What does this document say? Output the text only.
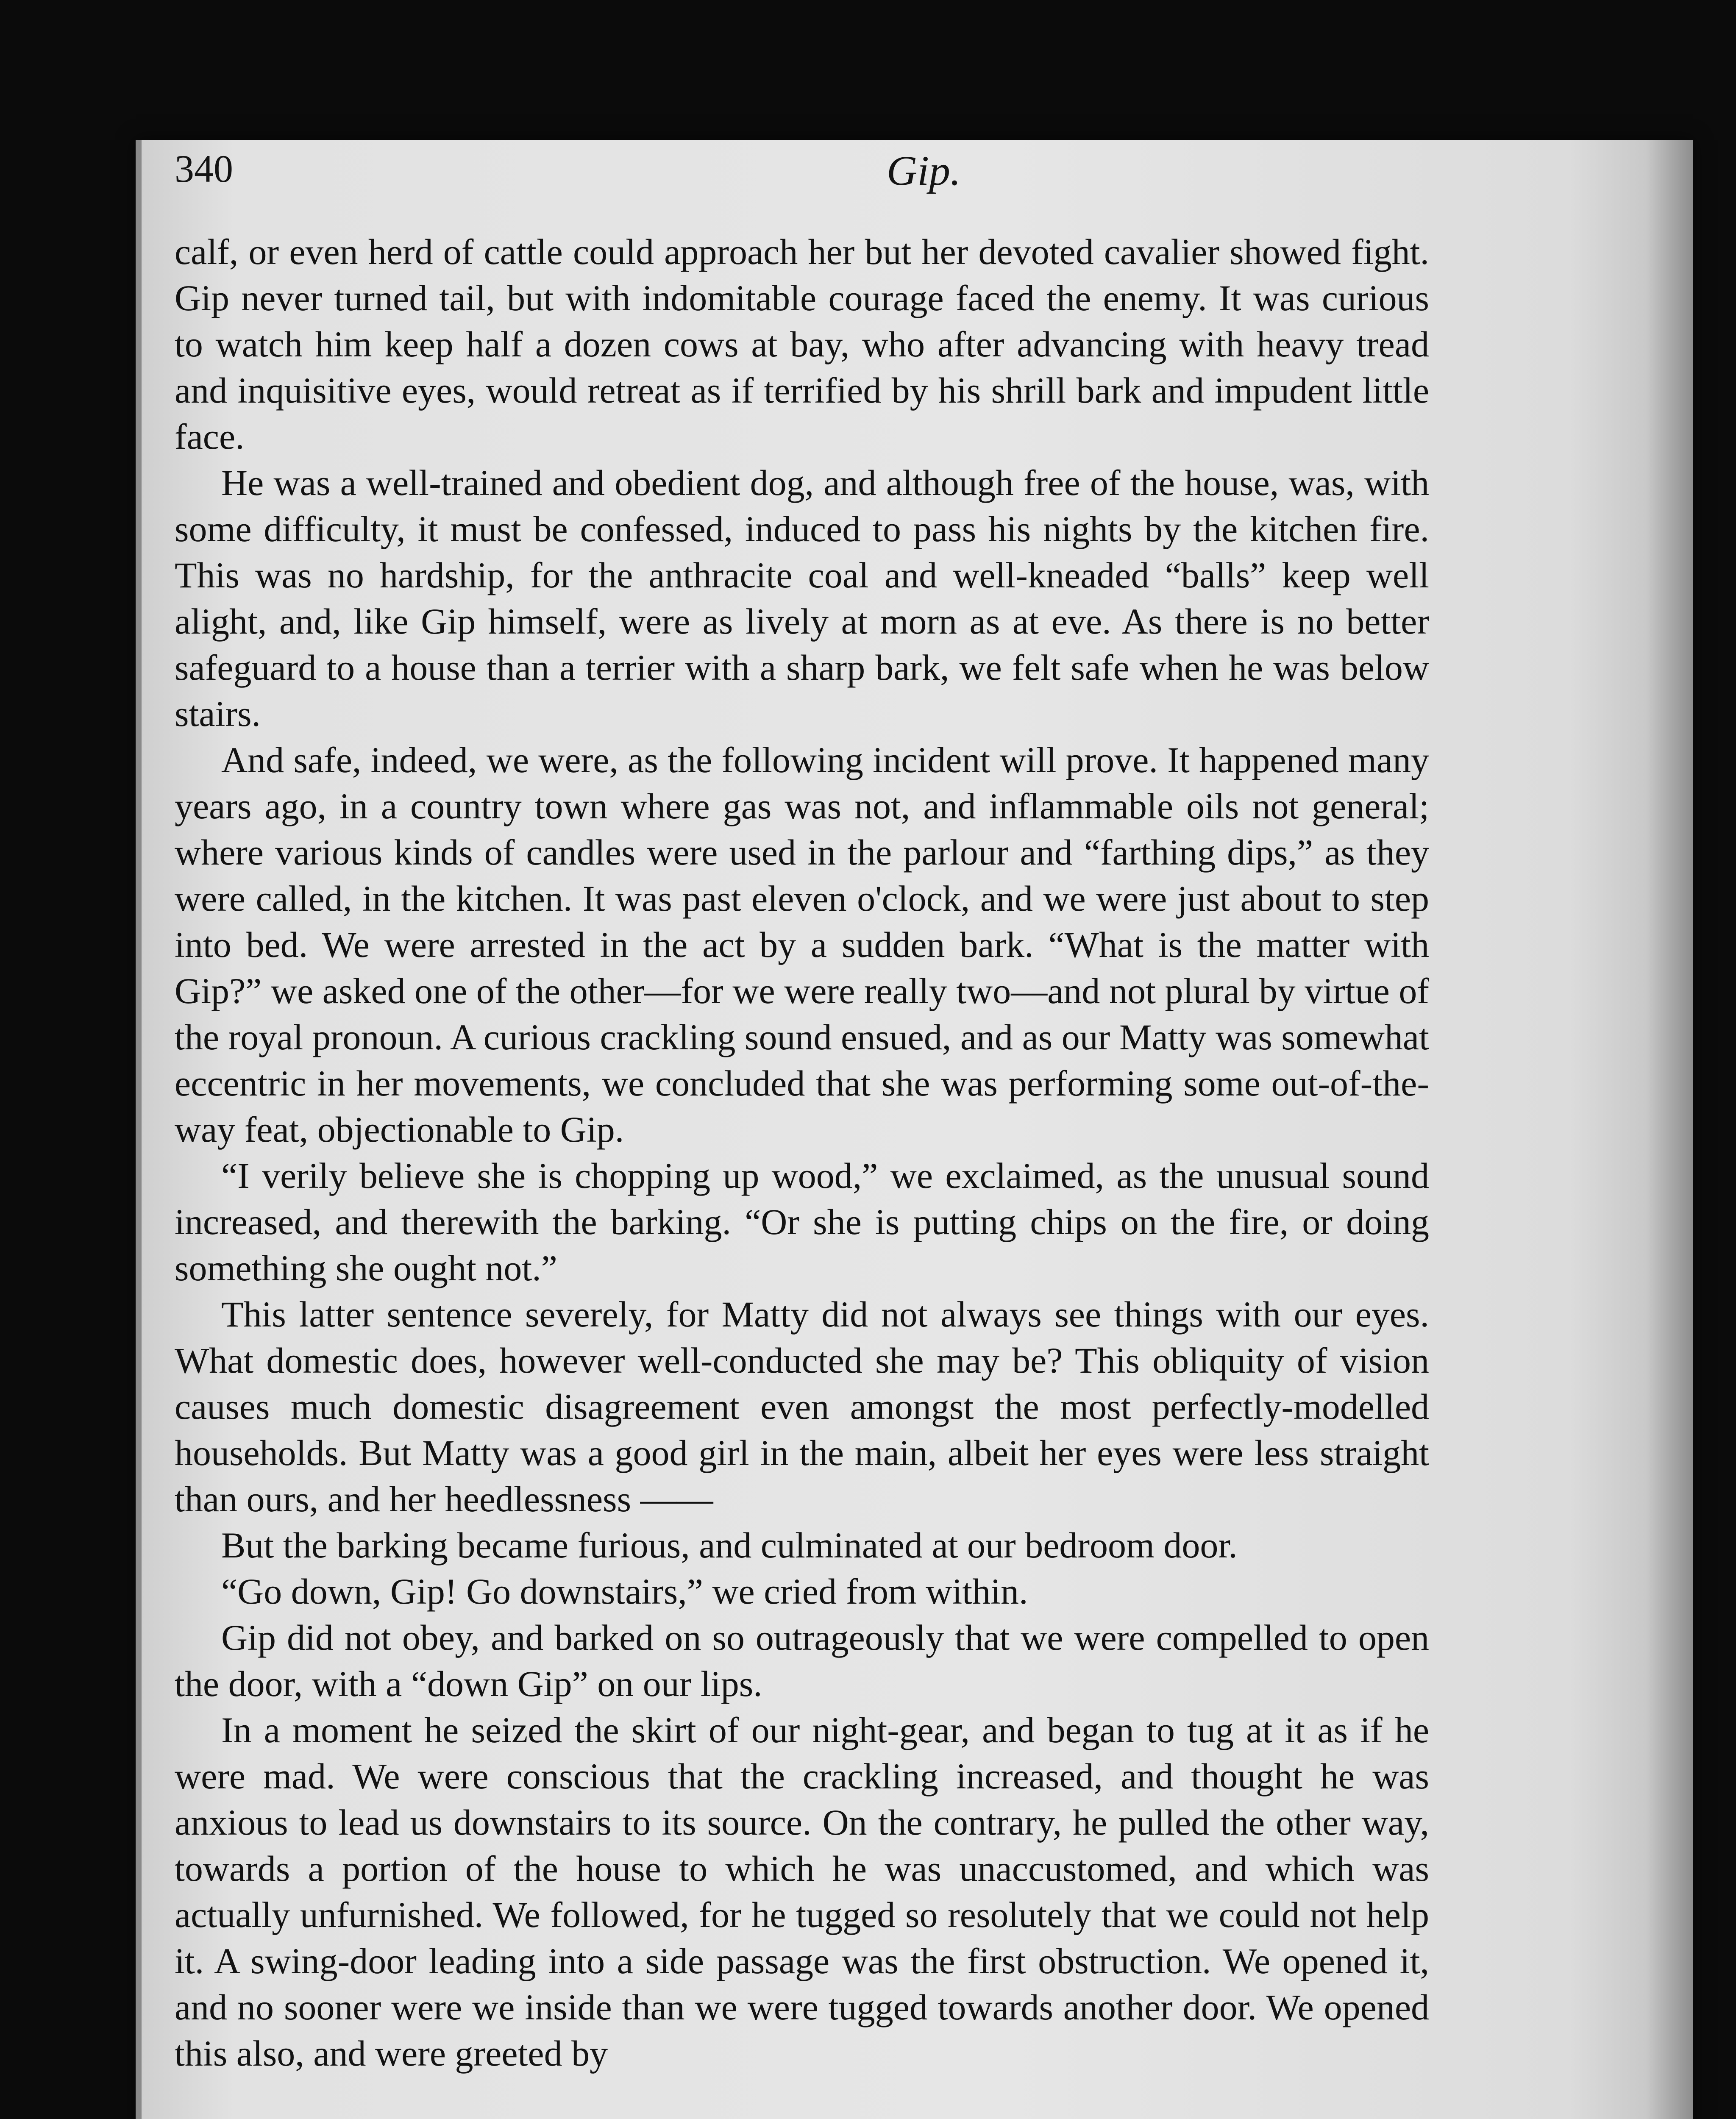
340	Gip.

calf, or even herd of cattle could approach her but her devoted cavalier showed fight. Gip never turned tail, but with indomitable courage faced the enemy. It was curious to watch him keep half a dozen cows at bay, who after advancing with heavy tread and inquisitive eyes, would retreat as if terrified by his shrill bark and impudent little face.

He was a well-trained and obedient dog, and although free of the house, was, with some difficulty, it must be confessed, induced to pass his nights by the kitchen fire. This was no hardship, for the anthracite coal and well-kneaded “balls” keep well alight, and, like Gip himself, were as lively at morn as at eve. As there is no better safeguard to a house than a terrier with a sharp bark, we felt safe when he was below stairs.

And safe, indeed, we were, as the following incident will prove. It happened many years ago, in a country town where gas was not, and inflammable oils not general; where various kinds of candles were used in the parlour and “farthing dips,” as they were called, in the kitchen. It was past eleven o'clock, and we were just about to step into bed. We were arrested in the act by a sudden bark. “What is the matter with Gip?” we asked one of the other—for we were really two—and not plural by virtue of the royal pronoun. A curious crackling sound ensued, and as our Matty was somewhat eccentric in her movements, we concluded that she was performing some out-of-the-way feat, objectionable to Gip.

“I verily believe she is chopping up wood,” we exclaimed, as the unusual sound increased, and therewith the barking. “Or she is putting chips on the fire, or doing something she ought not.”

This latter sentence severely, for Matty did not always see things with our eyes. What domestic does, however well-conducted she may be? This obliquity of vision causes much domestic disagreement even amongst the most perfectly-modelled households. But Matty was a good girl in the main, albeit her eyes were less straight than ours, and her heedlessness ——

But the barking became furious, and culminated at our bedroom door.

“Go down, Gip! Go downstairs,” we cried from within.

Gip did not obey, and barked on so outrageously that we were compelled to open the door, with a “down Gip” on our lips.

In a moment he seized the skirt of our night-gear, and began to tug at it as if he were mad. We were conscious that the crackling increased, and thought he was anxious to lead us downstairs to its source. On the contrary, he pulled the other way, towards a portion of the house to which he was unaccustomed, and which was actually unfurnished. We followed, for he tugged so resolutely that we could not help it. A swing-door leading into a side passage was the first obstruction. We opened it, and no sooner were we inside than we were tugged towards another door. We opened this also, and were greeted by
